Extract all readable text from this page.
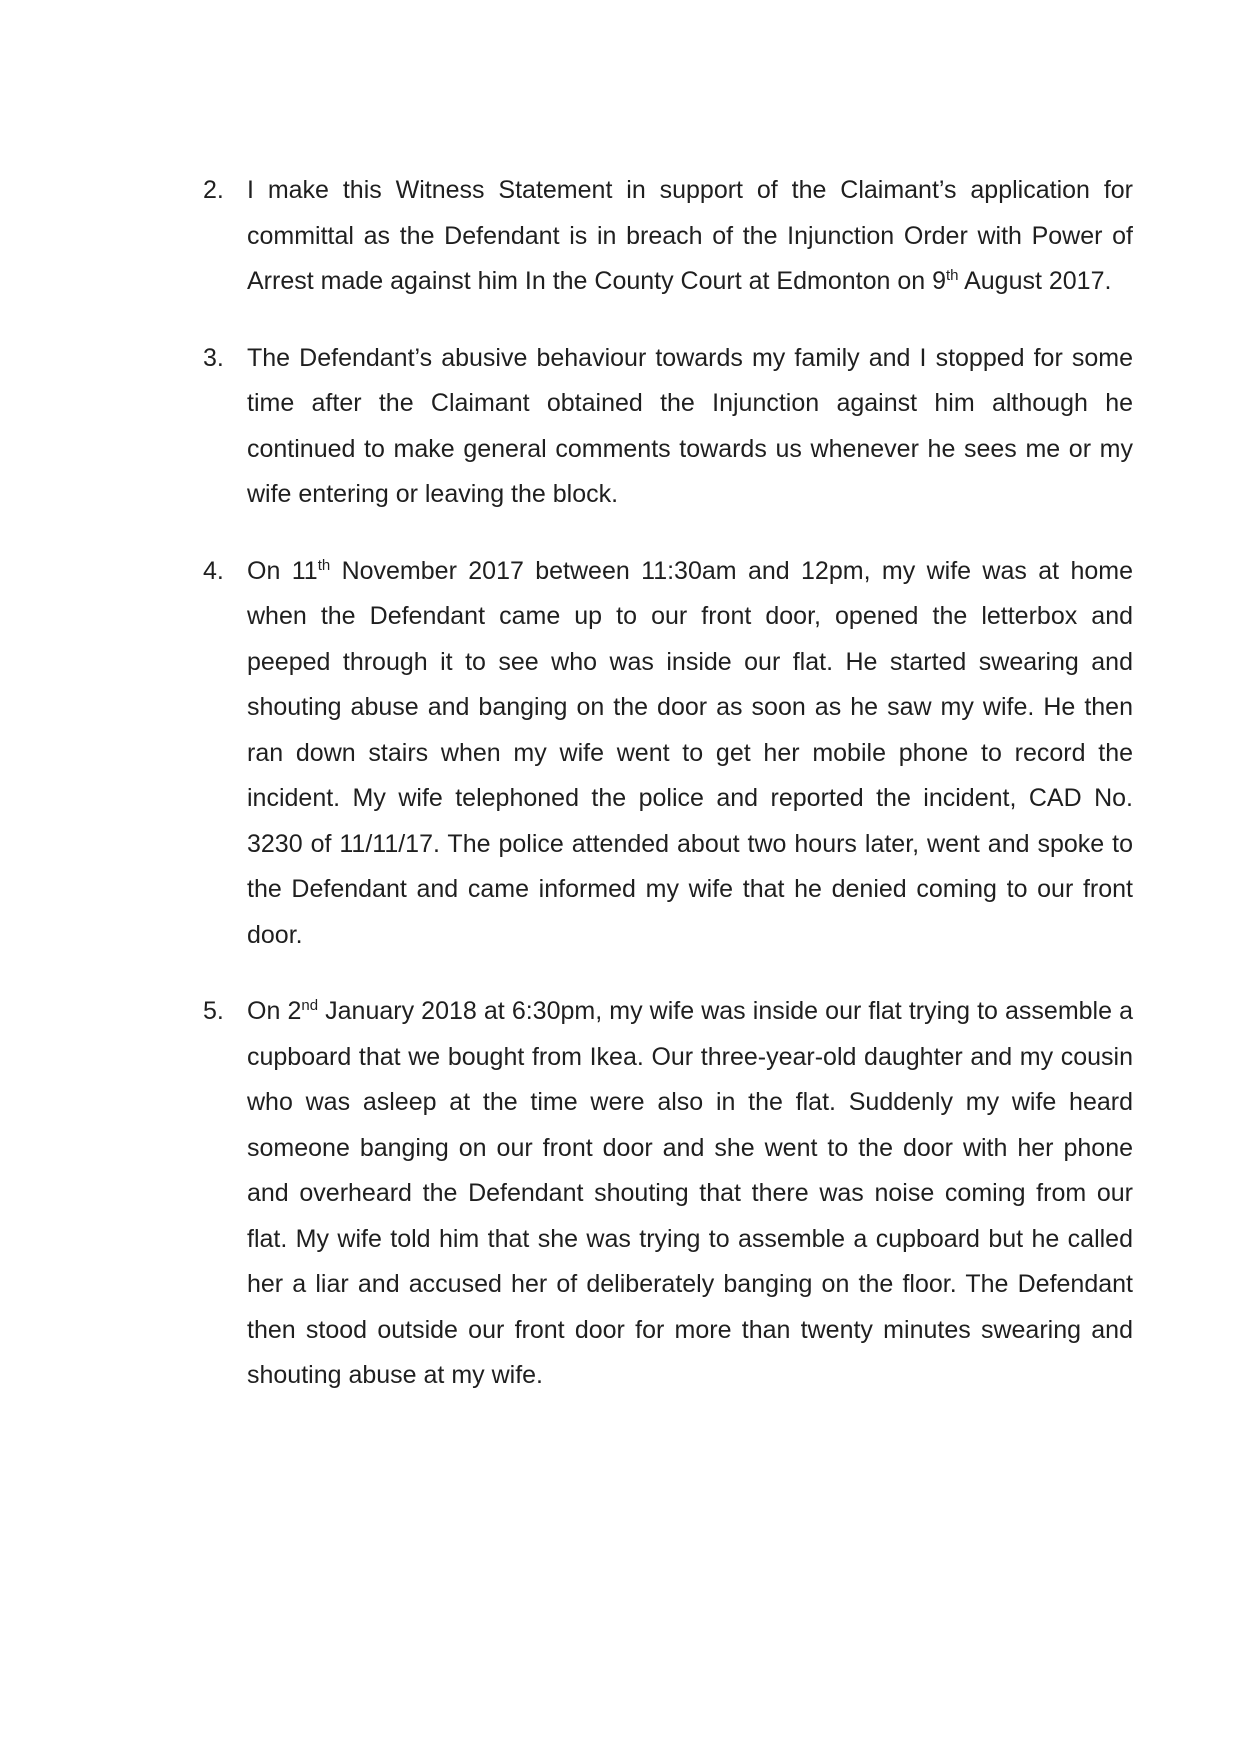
2. I make this Witness Statement in support of the Claimant’s application for committal as the Defendant is in breach of the Injunction Order with Power of Arrest made against him In the County Court at Edmonton on 9th August 2017.
3. The Defendant’s abusive behaviour towards my family and I stopped for some time after the Claimant obtained the Injunction against him although he continued to make general comments towards us whenever he sees me or my wife entering or leaving the block.
4. On 11th November 2017 between 11:30am and 12pm, my wife was at home when the Defendant came up to our front door, opened the letterbox and peeped through it to see who was inside our flat. He started swearing and shouting abuse and banging on the door as soon as he saw my wife. He then ran down stairs when my wife went to get her mobile phone to record the incident. My wife telephoned the police and reported the incident, CAD No. 3230 of 11/11/17. The police attended about two hours later, went and spoke to the Defendant and came informed my wife that he denied coming to our front door.
5. On 2nd January 2018 at 6:30pm, my wife was inside our flat trying to assemble a cupboard that we bought from Ikea. Our three-year-old daughter and my cousin who was asleep at the time were also in the flat. Suddenly my wife heard someone banging on our front door and she went to the door with her phone and overheard the Defendant shouting that there was noise coming from our flat. My wife told him that she was trying to assemble a cupboard but he called her a liar and accused her of deliberately banging on the floor. The Defendant then stood outside our front door for more than twenty minutes swearing and shouting abuse at my wife.
